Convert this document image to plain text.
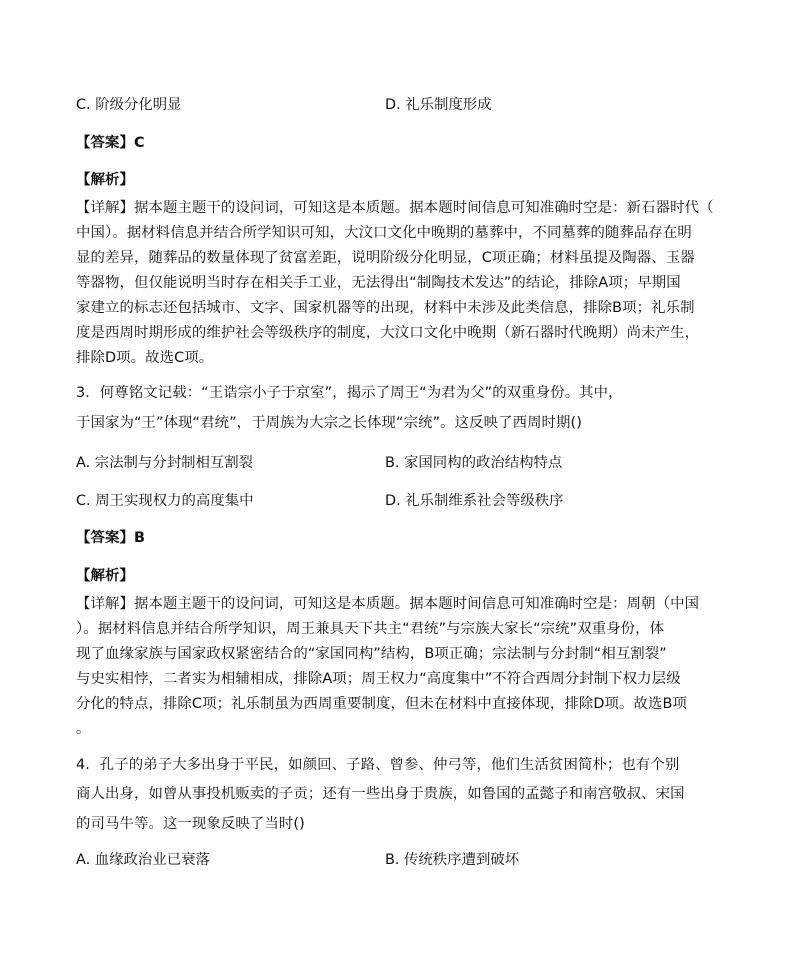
C. 阶级分化明显	D. 礼乐制度形成
【答案】C
【解析】
【详解】据本题主题干的设问词，可知这是本质题。据本题时间信息可知准确时空是：新石器时代（
中国）。据材料信息并结合所学知识可知，大汶口文化中晚期的墓葬中，不同墓葬的随葬品存在明
显的差异，随葬品的数量体现了贫富差距，说明阶级分化明显，C项正确；材料虽提及陶器、玉器
等器物，但仅能说明当时存在相关手工业，无法得出“制陶技术发达”的结论，排除A项；早期国
家建立的标志还包括城市、文字、国家机器等的出现，材料中未涉及此类信息，排除B项；礼乐制
度是西周时期形成的维护社会等级秩序的制度，大汶口文化中晚期（新石器时代晚期）尚未产生，
排除D项。故选C项。
3．何尊铭文记载：“王诰宗小子于京室”，揭示了周王“为君为父”的双重身份。其中，
于国家为“王”体现“君统”，于周族为大宗之长体现“宗统”。这反映了西周时期()
A. 宗法制与分封制相互割裂	B. 家国同构的政治结构特点
C. 周王实现权力的高度集中	D. 礼乐制维系社会等级秩序
【答案】B
【解析】
【详解】据本题主题干的设问词，可知这是本质题。据本题时间信息可知准确时空是：周朝（中国
）。据材料信息并结合所学知识，周王兼具天下共主“君统”与宗族大家长“宗统”双重身份，体
现了血缘家族与国家政权紧密结合的“家国同构”结构，B项正确；宗法制与分封制“相互割裂”
与史实相悖，二者实为相辅相成，排除A项；周王权力“高度集中”不符合西周分封制下权力层级
分化的特点，排除C项；礼乐制虽为西周重要制度，但未在材料中直接体现，排除D项。故选B项
。
4．孔子的弟子大多出身于平民，如颜回、子路、曾参、仲弓等，他们生活贫困简朴；也有个别
商人出身，如曾从事投机贩卖的子贡；还有一些出身于贵族，如鲁国的孟懿子和南宫敬叔、宋国
的司马牛等。这一现象反映了当时()
A. 血缘政治业已衰落	B. 传统秩序遭到破坏
